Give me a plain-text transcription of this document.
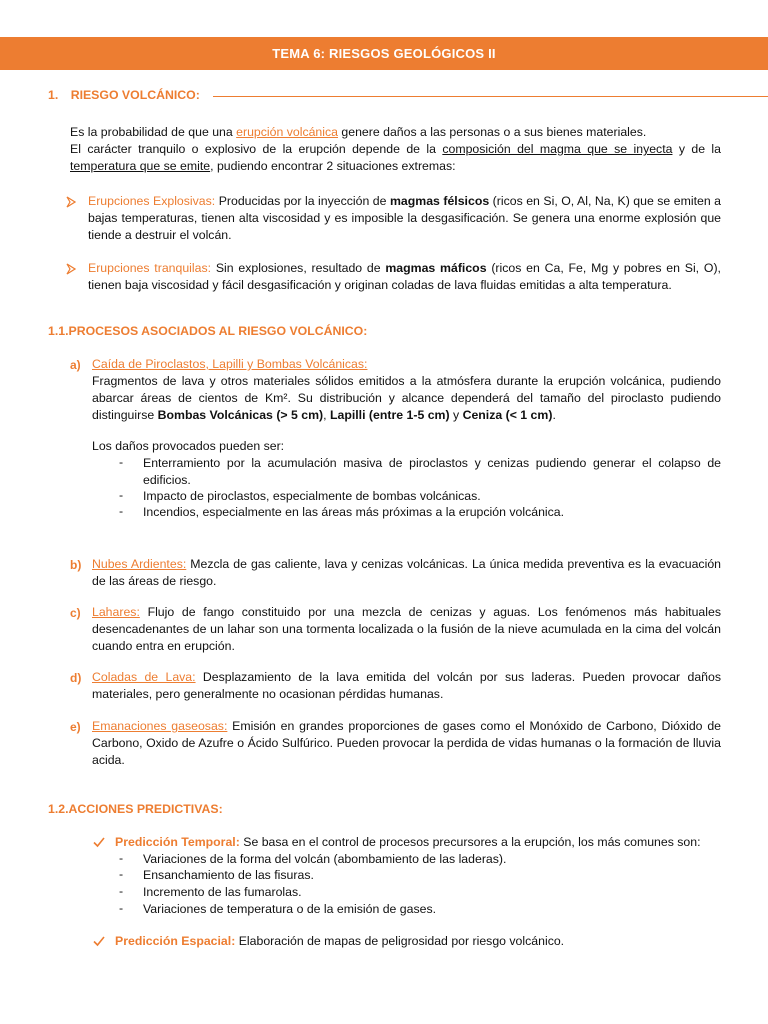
TEMA 6: RIESGOS GEOLÓGICOS II
1. RIESGO VOLCÁNICO:
Es la probabilidad de que una erupción volcánica genere daños a las personas o a sus bienes materiales.
El carácter tranquilo o explosivo de la erupción depende de la composición del magma que se inyecta y de la temperatura que se emite, pudiendo encontrar 2 situaciones extremas:
Erupciones Explosivas: Producidas por la inyección de magmas félsicos (ricos en Si, O, Al, Na, K) que se emiten a bajas temperaturas, tienen alta viscosidad y es imposible la desgasificación. Se genera una enorme explosión que tiende a destruir el volcán.
Erupciones tranquilas: Sin explosiones, resultado de magmas máficos (ricos en Ca, Fe, Mg y pobres en Si, O), tienen baja viscosidad y fácil desgasificación y originan coladas de lava fluidas emitidas a alta temperatura.
1.1.PROCESOS ASOCIADOS AL RIESGO VOLCÁNICO:
a) Caída de Piroclastos, Lapilli y Bombas Volcánicas:
Fragmentos de lava y otros materiales sólidos emitidos a la atmósfera durante la erupción volcánica, pudiendo abarcar áreas de cientos de Km². Su distribución y alcance dependerá del tamaño del piroclasto pudiendo distinguirse Bombas Volcánicas (> 5 cm), Lapilli (entre 1-5 cm) y Ceniza (< 1 cm).
Los daños provocados pueden ser:
- Enterramiento por la acumulación masiva de piroclastos y cenizas pudiendo generar el colapso de edificios.
- Impacto de piroclastos, especialmente de bombas volcánicas.
- Incendios, especialmente en las áreas más próximas a la erupción volcánica.
b) Nubes Ardientes: Mezcla de gas caliente, lava y cenizas volcánicas. La única medida preventiva es la evacuación de las áreas de riesgo.
c) Lahares: Flujo de fango constituido por una mezcla de cenizas y aguas. Los fenómenos más habituales desencadenantes de un lahar son una tormenta localizada o la fusión de la nieve acumulada en la cima del volcán cuando entra en erupción.
d) Coladas de Lava: Desplazamiento de la lava emitida del volcán por sus laderas. Pueden provocar daños materiales, pero generalmente no ocasionan pérdidas humanas.
e) Emanaciones gaseosas: Emisión en grandes proporciones de gases como el Monóxido de Carbono, Dióxido de Carbono, Oxido de Azufre o Ácido Sulfúrico. Pueden provocar la perdida de vidas humanas o la formación de lluvia acida.
1.2.ACCIONES PREDICTIVAS:
Predicción Temporal: Se basa en el control de procesos precursores a la erupción, los más comunes son:
- Variaciones de la forma del volcán (abombamiento de las laderas).
- Ensanchamiento de las fisuras.
- Incremento de las fumarolas.
- Variaciones de temperatura o de la emisión de gases.
Predicción Espacial: Elaboración de mapas de peligrosidad por riesgo volcánico.
